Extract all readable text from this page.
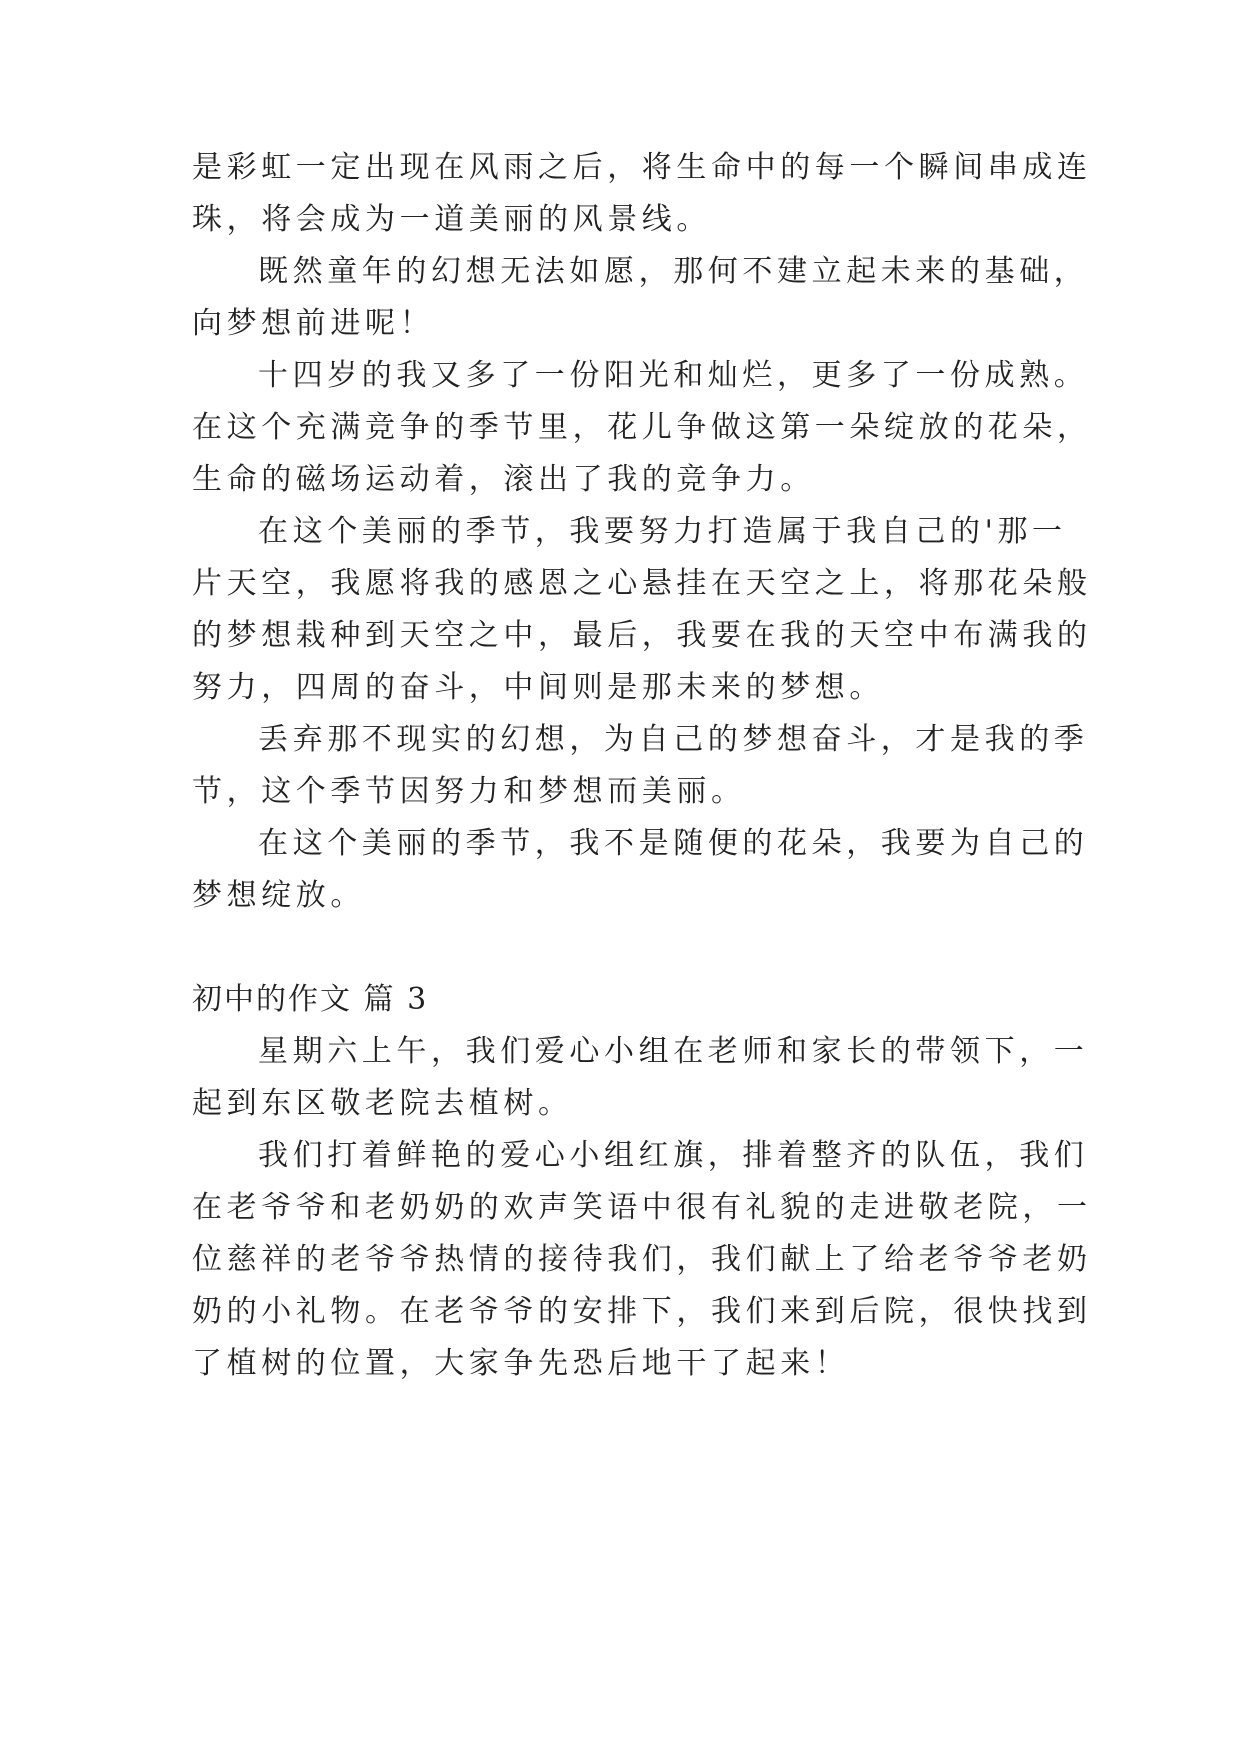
是彩虹一定出现在风雨之后，将生命中的每一个瞬间串成连
珠，将会成为一道美丽的风景线。
既然童年的幻想无法如愿，那何不建立起未来的基础，
向梦想前进呢！
十四岁的我又多了一份阳光和灿烂，更多了一份成熟。
在这个充满竞争的季节里，花儿争做这第一朵绽放的花朵，
生命的磁场运动着，滚出了我的竞争力。
在这个美丽的季节，我要努力打造属于我自己的'那一
片天空，我愿将我的感恩之心悬挂在天空之上，将那花朵般
的梦想栽种到天空之中，最后，我要在我的天空中布满我的
努力，四周的奋斗，中间则是那未来的梦想。
丢弃那不现实的幻想，为自己的梦想奋斗，才是我的季
节，这个季节因努力和梦想而美丽。
在这个美丽的季节，我不是随便的花朵，我要为自己的
梦想绽放。
初中的作文 篇 3
星期六上午，我们爱心小组在老师和家长的带领下，一
起到东区敬老院去植树。
我们打着鲜艳的爱心小组红旗，排着整齐的队伍，我们
在老爷爷和老奶奶的欢声笑语中很有礼貌的走进敬老院，一
位慈祥的老爷爷热情的接待我们，我们献上了给老爷爷老奶
奶的小礼物。在老爷爷的安排下，我们来到后院，很快找到
了植树的位置，大家争先恐后地干了起来！
